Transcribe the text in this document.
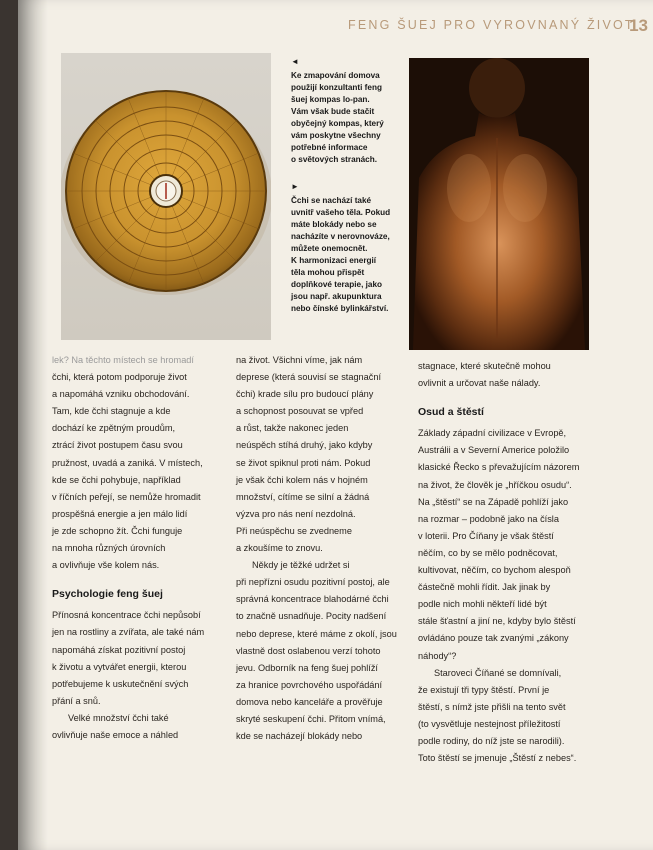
FENG ŠUEJ PRO VYROVNANÝ ŽIVOT
13
◄
Ke zmapování domova
použijí konzultanti feng
šuej kompas lo-pan.
Vám však bude stačit
obyčejný kompas, který
vám poskytne všechny
potřebné informace
o světových stranách.
►
Čchi se nachází také
uvnitř vašeho těla. Pokud
máte blokády nebo se
nacházíte v nerovnováze,
můžete onemocnět.
K harmonizaci energií
těla mohou přispět
doplňkové terapie, jako
jsou např. akupunktura
nebo čínské bylinkářství.

lek? Na těchto místech se hromadí
čchi, která potom podporuje život
a napomáhá vzniku obchodování.
Tam, kde čchi stagnuje a kde
dochází ke zpětným proudům,
ztrácí život postupem času svou
pružnost, uvadá a zaniká. V místech,
kde se čchi pohybuje, například
v říčních peřejí, se nemůže hromadit
prospěšná energie a jen málo lidí
je zde schopno žít. Čchi funguje
na mnoha různých úrovních
a ovlivňuje vše kolem nás.

Psychologie feng šuej

Přínosná koncentrace čchi nepůsobí
jen na rostliny a zvířata, ale také nám
napomáhá získat pozitivní postoj
k životu a vytvářet energii, kterou
potřebujeme k uskutečnění svých
přání a snů.

Velké množství čchi také
ovlivňuje naše emoce a náhled

na život. Všichni víme, jak nám
deprese (která souvisí se stagnační
čchi) krade sílu pro budoucí plány
a schopnost posouvat se vpřed
a růst, takže nakonec jeden
neúspěch stíhá druhý, jako kdyby
se život spiknul proti nám. Pokud
je však čchi kolem nás v hojném
množství, cítíme se silní a žádná
výzva pro nás není nezdolná.
Při neúspěchu se zvedneme
a zkoušíme to znovu.

Někdy je těžké udržet si
při nepřízni osudu pozitivní postoj, ale
správná koncentrace blahodárné čchi
to značně usnadňuje. Pocity nadšení
nebo deprese, které máme z okolí, jsou
vlastně dost oslabenou verzí tohoto
jevu. Odborník na feng šuej pohlíží
za hranice povrchového uspořádání
domova nebo kanceláře a prověřuje
skryté seskupení čchi. Přitom vnímá,
kde se nacházejí blokády nebo

stagnace, které skutečně mohou
ovlivnit a určovat naše nálady.

Osud a štěstí

Základy západní civilizace v Evropě,
Austrálii a v Severní Americe položilo
klasické Řecko s převažujícím názorem
na život, že člověk je „hříčkou osudu“.
Na „štěstí“ se na Západě pohlíží jako
na rozmar – podobně jako na čísla
v loterii. Pro Číňany je však štěstí
něčím, co by se mělo podněcovat,
kultivovat, něčím, co bychom alespoň
částečně mohli řídit. Jak jinak by
podle nich mohli někteří lidé být
stále šťastní a jiní ne, kdyby bylo štěstí
ovládáno pouze tak zvanými „zákony
náhody“?

Staroveci Číňané se domnívali,
že existují tři typy štěstí. První je
štěstí, s nímž jste přišli na tento svět
(to vysvětluje nestejnost příležitostí
podle rodiny, do níž jste se narodili).
Toto štěstí se jmenuje „Štěstí z nebes“.
